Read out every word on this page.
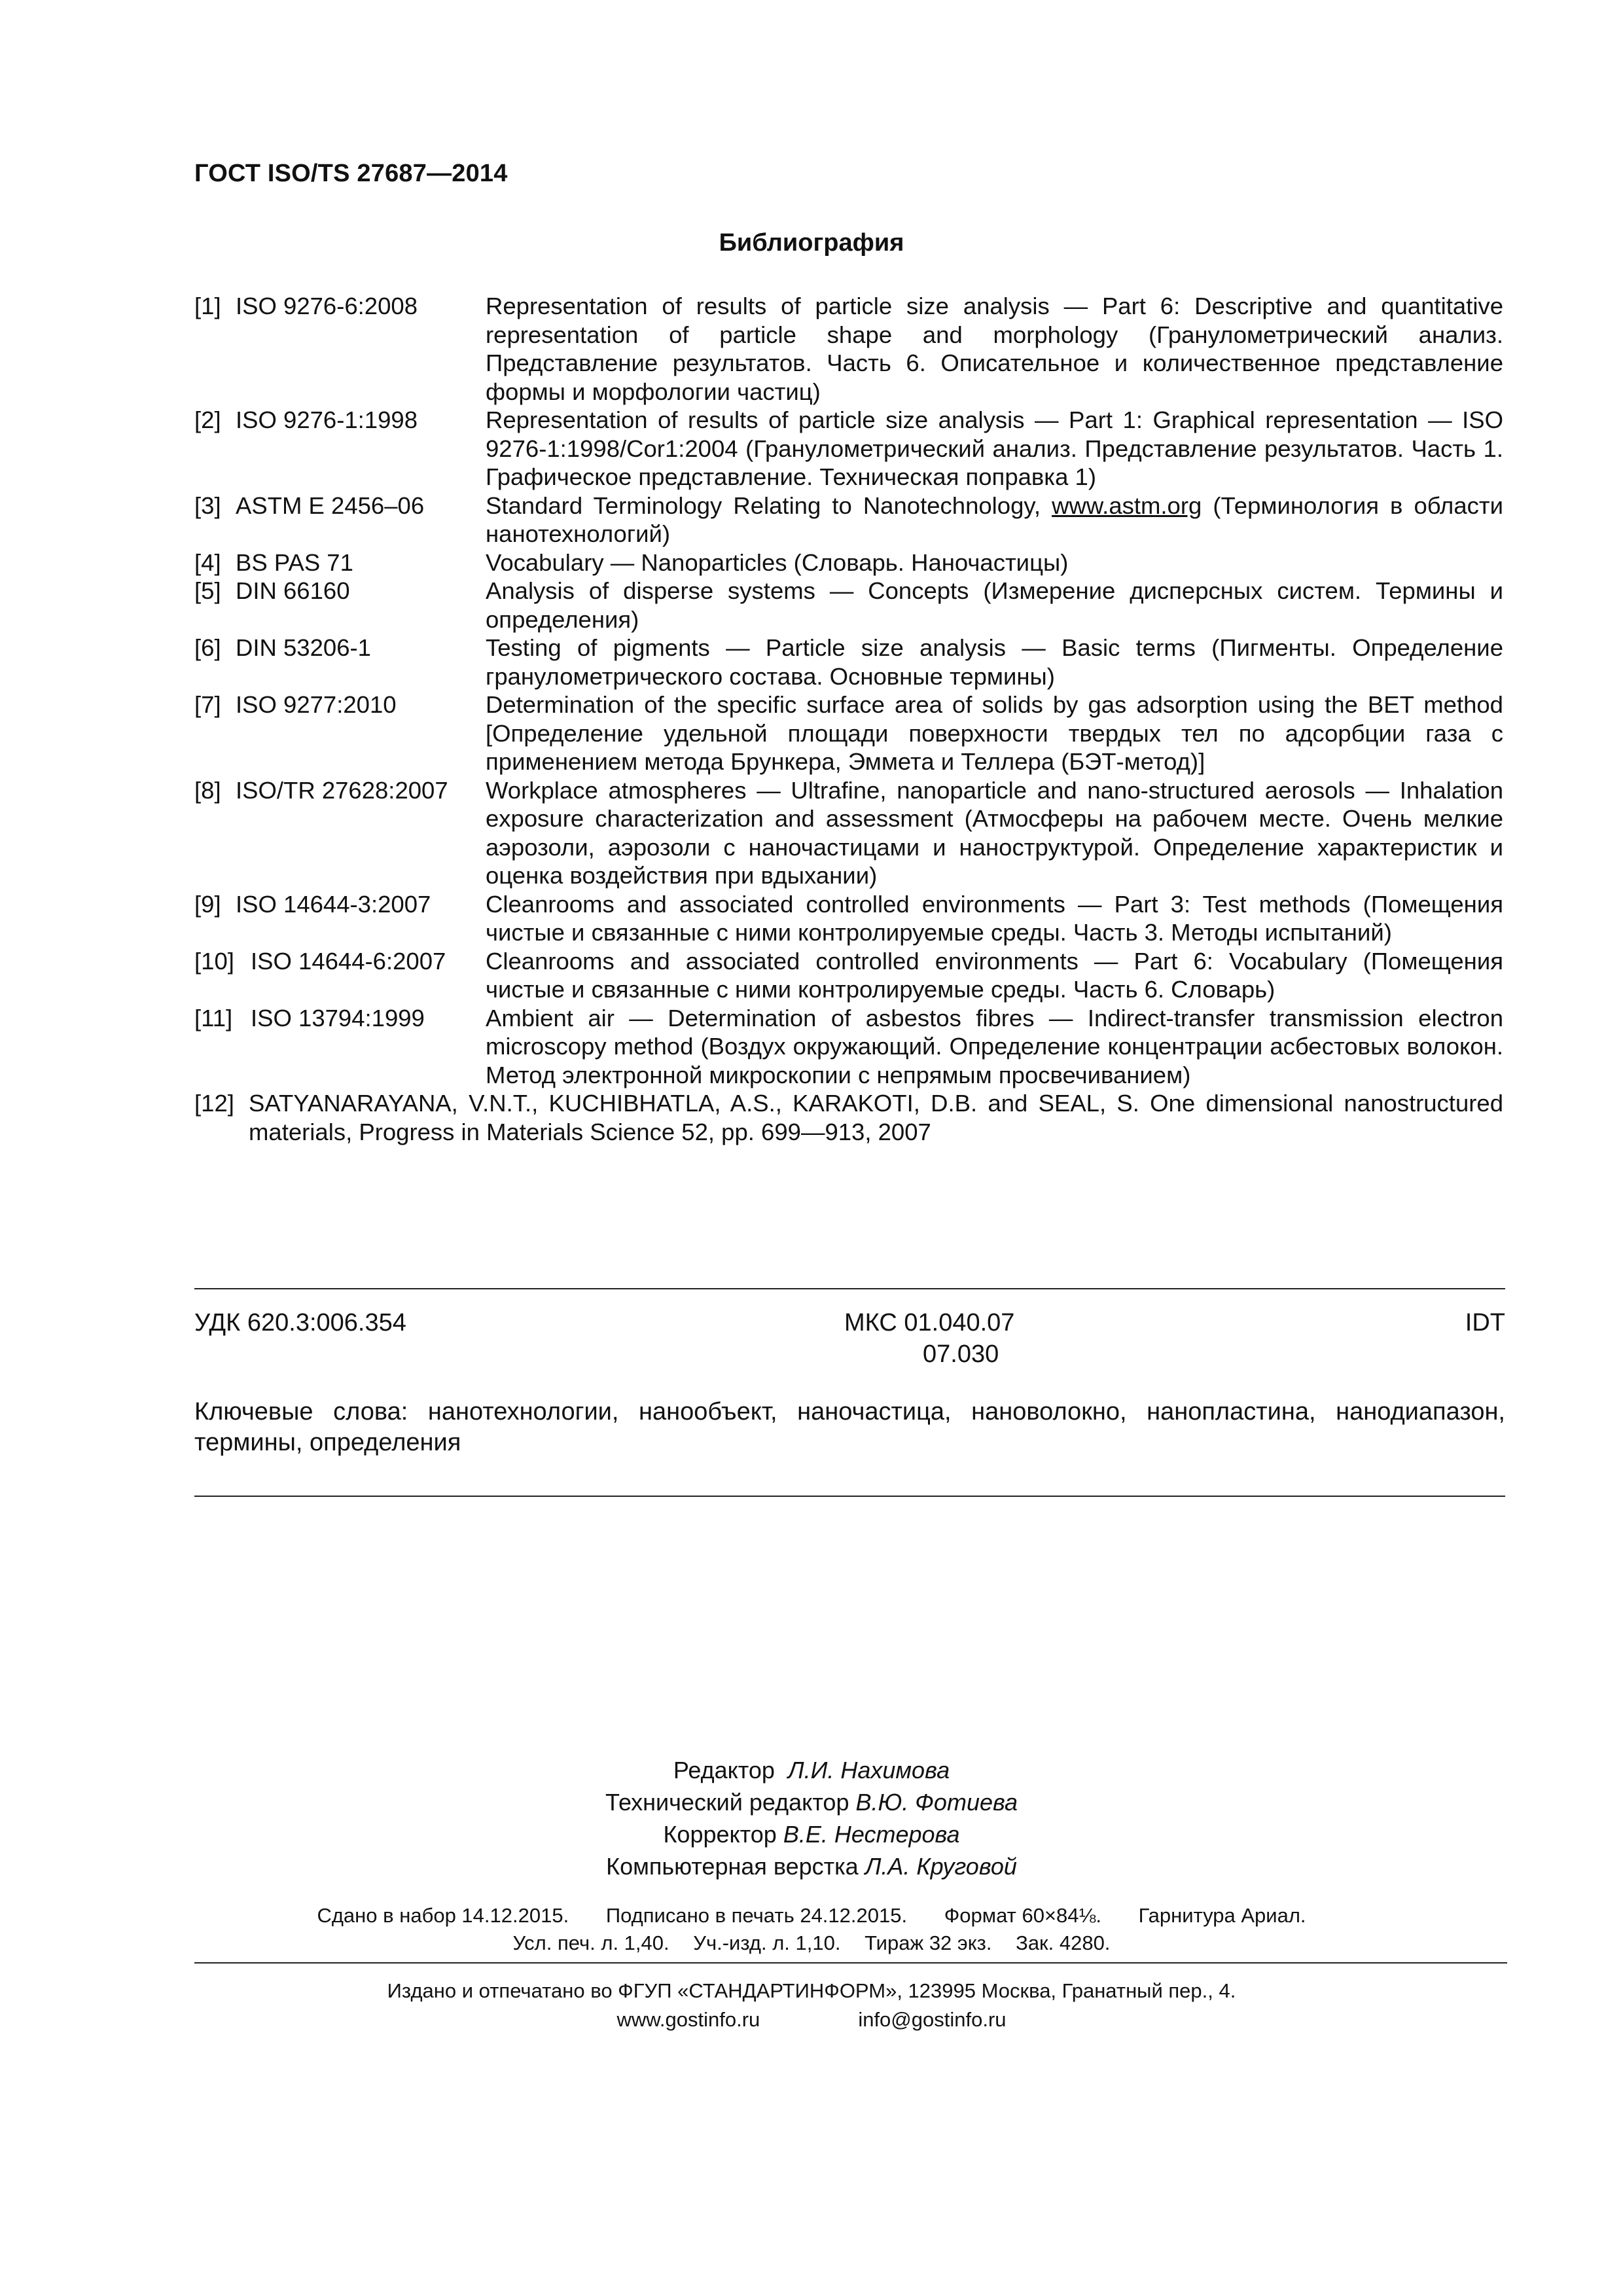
ГОСТ ISO/TS 27687—2014
Библиография
[1] ISO 9276-6:2008	Representation of results of particle size analysis — Part 6: Descriptive and quantitative representation of particle shape and morphology (Гранулометрический анализ. Представление результатов. Часть 6. Описательное и количественное представление формы и морфологии частиц)
[2] ISO 9276-1:1998	Representation of results of particle size analysis — Part 1: Graphical representation — ISO 9276-1:1998/Cor1:2004 (Гранулометрический анализ. Представление результатов. Часть 1. Графическое представление. Техническая поправка 1)
[3] ASTM E 2456–06	Standard Terminology Relating to Nanotechnology, www.astm.org (Терминология в области нанотехнологий)
[4] BS PAS 71	Vocabulary — Nanoparticles (Словарь. Наночастицы)
[5] DIN 66160	Analysis of disperse systems — Concepts (Измерение дисперсных систем. Термины и определения)
[6] DIN 53206-1	Testing of pigments — Particle size analysis — Basic terms (Пигменты. Определение гранулометрического состава. Основные термины)
[7] ISO 9277:2010	Determination of the specific surface area of solids by gas adsorption using the BET method [Определение удельной площади поверхности твердых тел по адсорбции газа с применением метода Брункера, Эммета и Теллера (БЭТ-метод)]
[8] ISO/TR 27628:2007	Workplace atmospheres — Ultrafine, nanoparticle and nano-structured aerosols — Inhalation exposure characterization and assessment (Атмосферы на рабочем месте. Очень мелкие аэрозоли, аэрозоли с наночастицами и наноструктурой. Определение характеристик и оценка воздействия при вдыхании)
[9] ISO 14644-3:2007	Cleanrooms and associated controlled environments — Part 3: Test methods (Помещения чистые и связанные с ними контролируемые среды. Часть 3. Методы испытаний)
[10] ISO 14644-6:2007	Cleanrooms and associated controlled environments — Part 6: Vocabulary (Помещения чистые и связанные с ними контролируемые среды. Часть 6. Словарь)
[11] ISO 13794:1999	Ambient air — Determination of asbestos fibres — Indirect-transfer transmission electron microscopy method (Воздух окружающий. Определение концентрации асбестовых волокон. Метод электронной микроскопии с непрямым просвечиванием)
[12] SATYANARAYANA, V.N.T., KUCHIBHATLA, A.S., KARAKOTI, D.B. and SEAL, S. One dimensional nanostructured materials, Progress in Materials Science 52, pp. 699—913, 2007
УДК 620.3:006.354	МКС 01.040.07
07.030
IDT
Ключевые слова: нанотехнологии, нанообъект, наночастица, нановолокно, нанопластина, нанодиапазон, термины, определения
Редактор Л.И. Нахимова
Технический редактор В.Ю. Фотиева
Корректор В.Е. Нестерова
Компьютерная верстка Л.А. Круговой
Сдано в набор 14.12.2015. Подписано в печать 24.12.2015. Формат 60×84⅛. Гарнитура Ариал.
Усл. печ. л. 1,40. Уч.-изд. л. 1,10. Тираж 32 экз. Зак. 4280.
Издано и отпечатано во ФГУП «СТАНДАРТИНФОРМ», 123995 Москва, Гранатный пер., 4.
www.gostinfo.ru	info@gostinfo.ru
